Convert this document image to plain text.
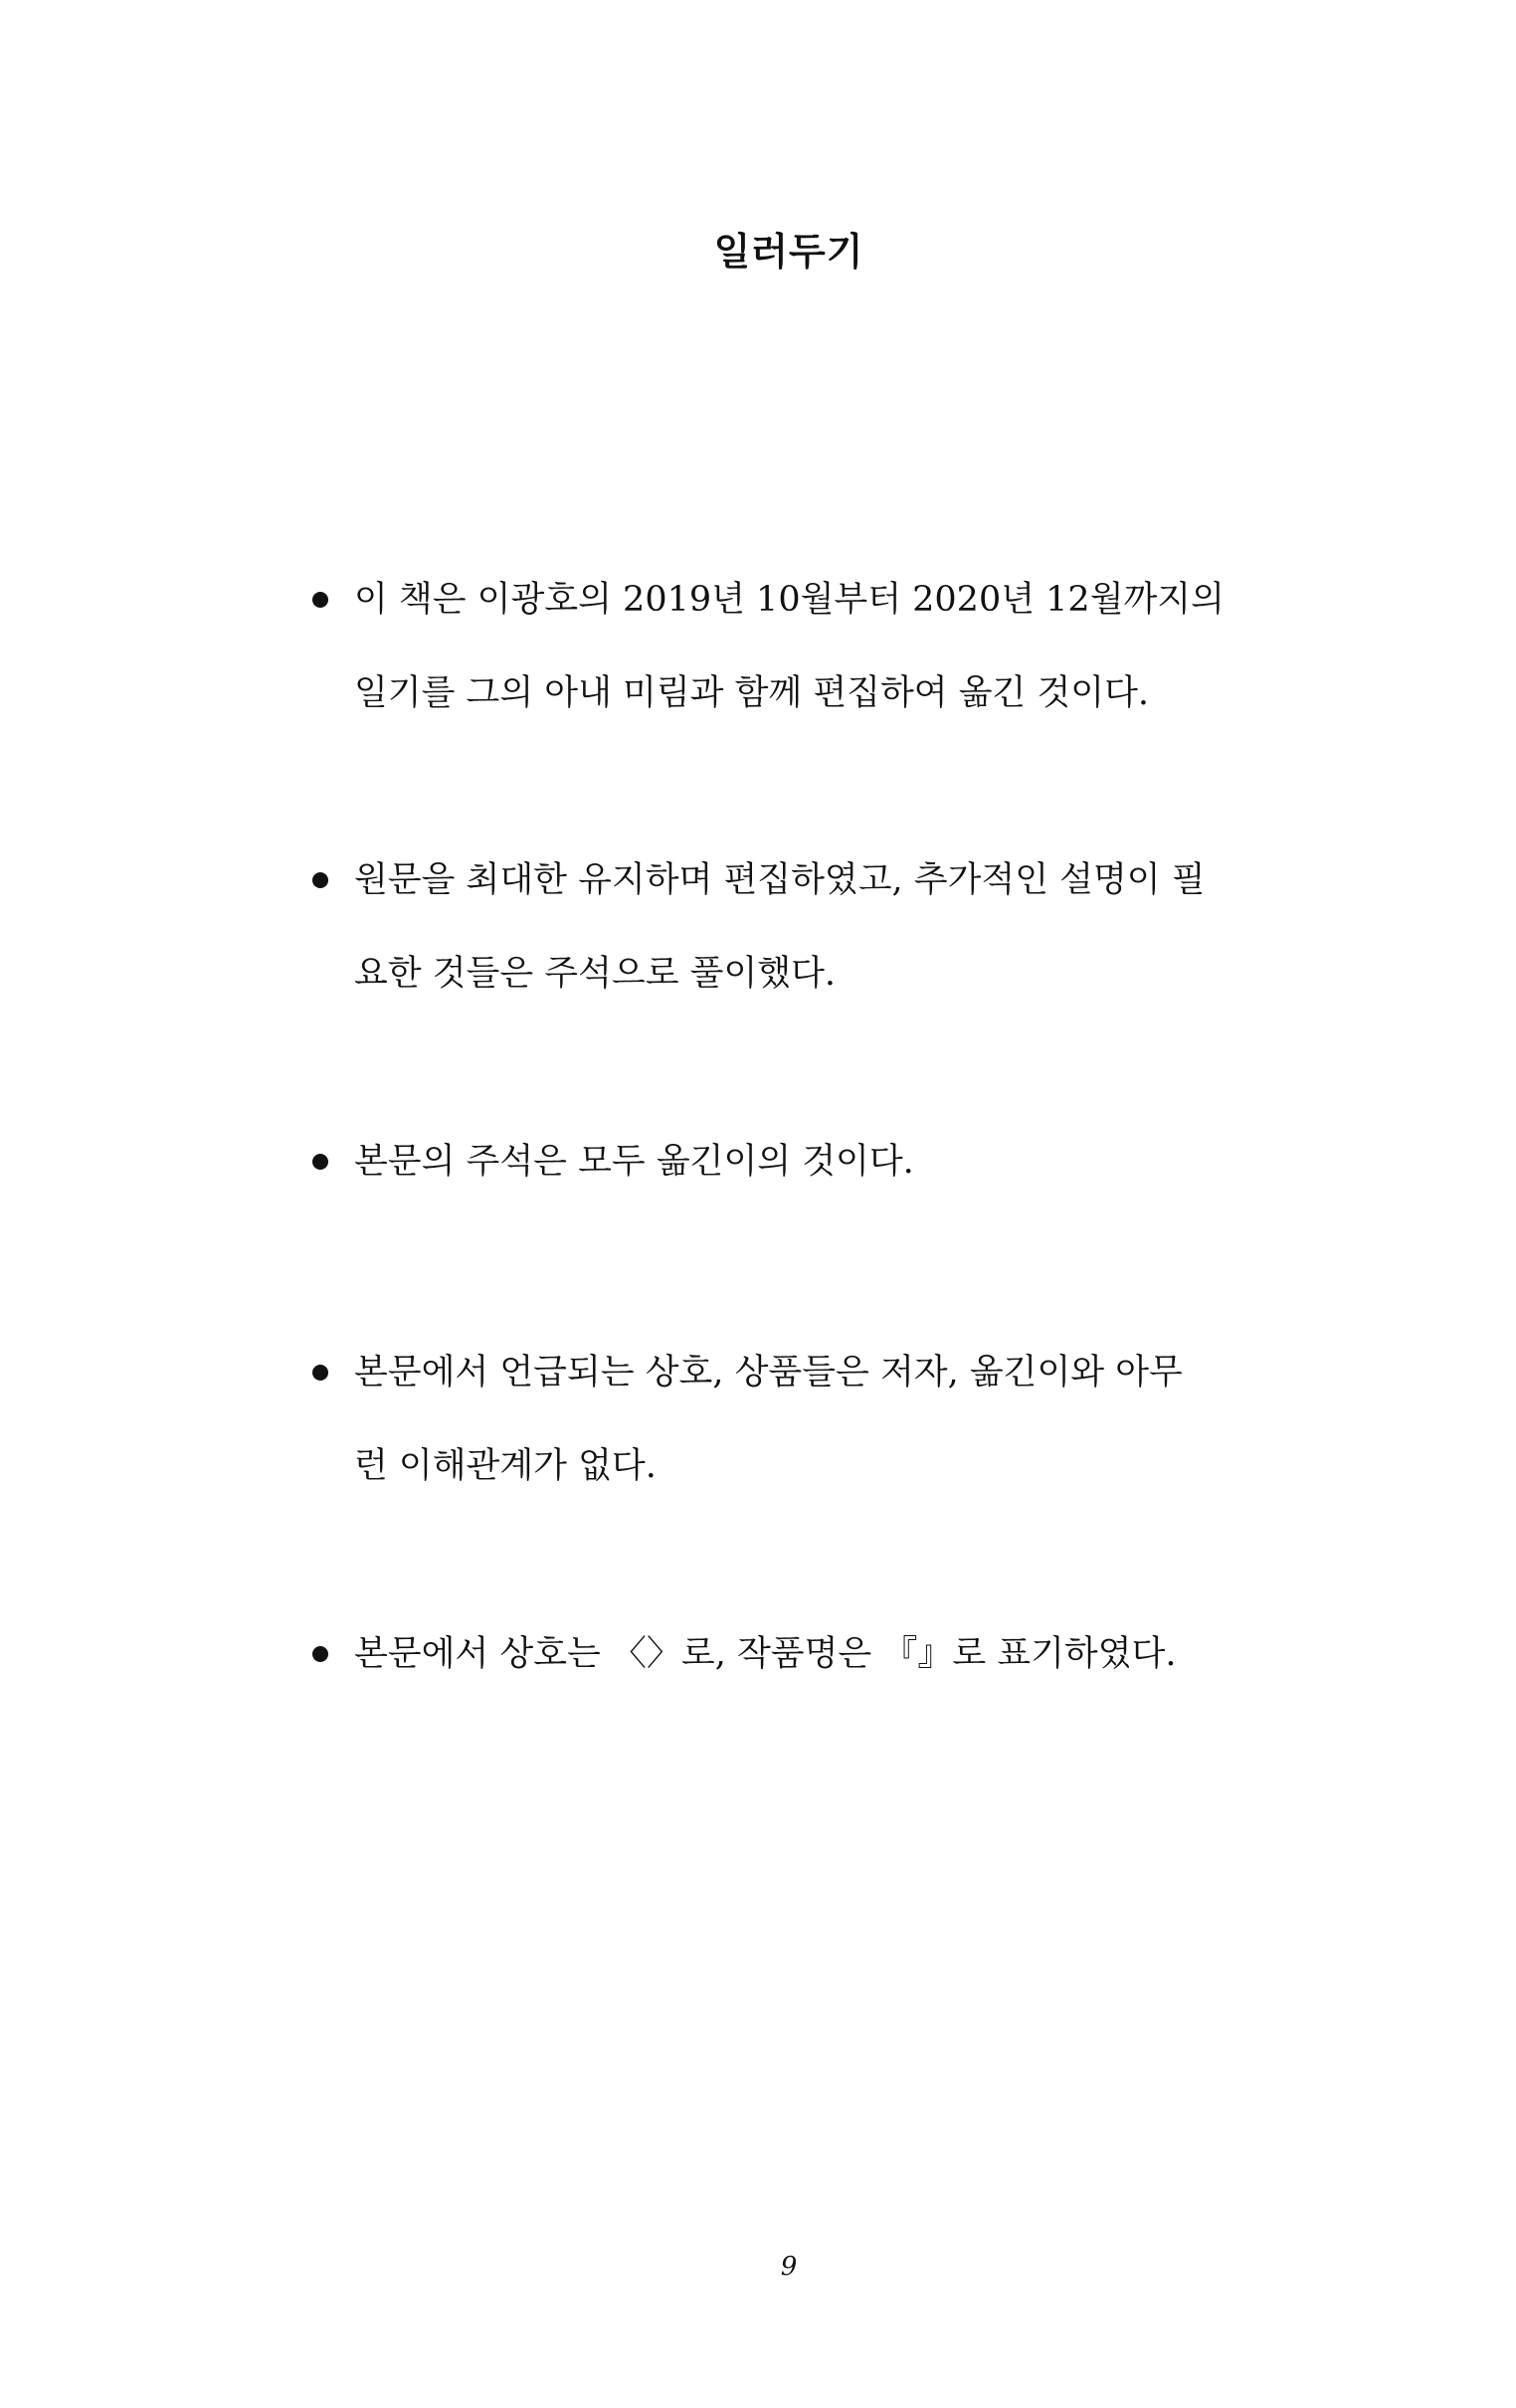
일러두기
이 책은 이광호의 2019년 10월부터 2020년 12월까지의
일기를 그의 아내 미림과 함께 편집하여 옮긴 것이다.
원문을 최대한 유지하며 편집하였고, 추가적인 설명이 필
요한 것들은 주석으로 풀이했다.
본문의 주석은 모두 옮긴이의 것이다.
본문에서 언급되는 상호, 상품들은 저자, 옮긴이와 아무
런 이해관계가 없다.
본문에서 상호는 〈〉로, 작품명은 『』로 표기하였다.
9
